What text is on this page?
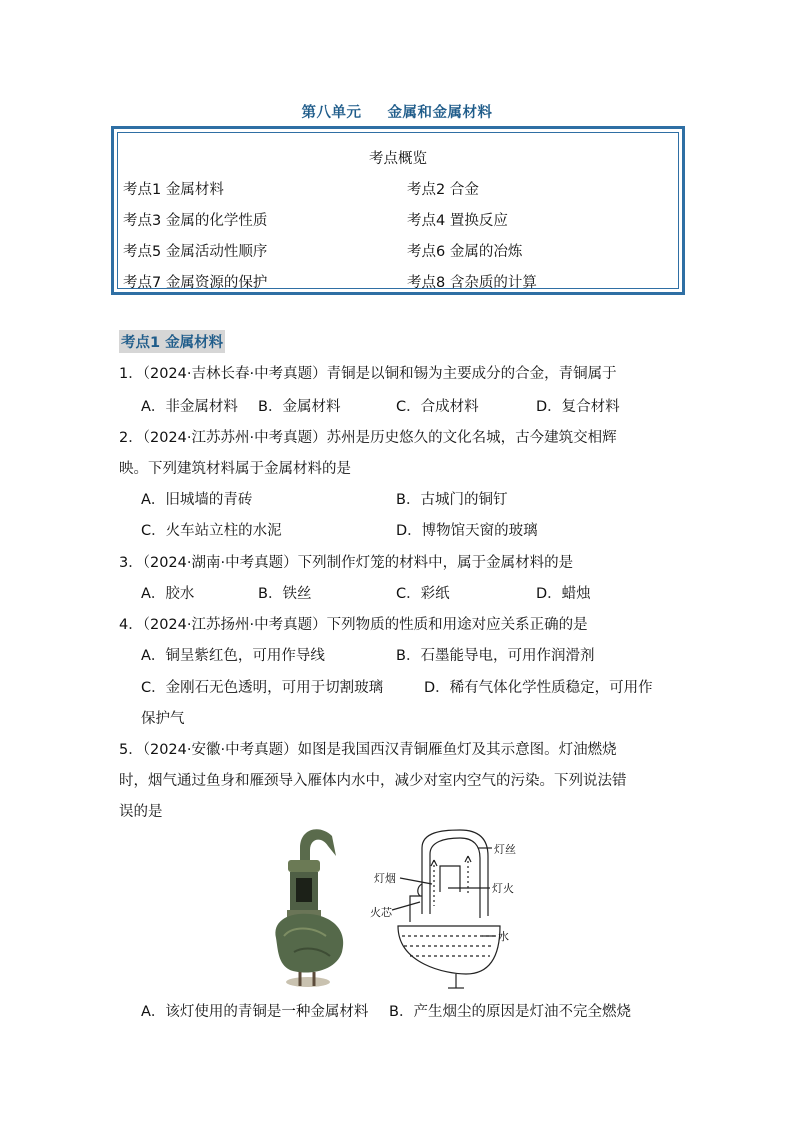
第八单元 金属和金属材料
考点概览
考点1 金属材料	考点2 合金
考点3 金属的化学性质	考点4 置换反应
考点5 金属活动性顺序	考点6 金属的冶炼
考点7 金属资源的保护	考点8 含杂质的计算
考点1 金属材料
1．（2024·吉林长春·中考真题）青铜是以铜和锡为主要成分的合金，青铜属于
A．非金属材料 B．金属材料	C．合成材料	D．复合材料
2．（2024·江苏苏州·中考真题）苏州是历史悠久的文化名城，古今建筑交相辉
映。下列建筑材料属于金属材料的是
A．旧城墙的青砖	B．古城门的铜钉
C．火车站立柱的水泥	D．博物馆天窗的玻璃
3．（2024·湖南·中考真题）下列制作灯笼的材料中，属于金属材料的是
A．胶水	B．铁丝	C．彩纸	D．蜡烛
4．（2024·江苏扬州·中考真题）下列物质的性质和用途对应关系正确的是
A．铜呈紫红色，可用作导线	B．石墨能导电，可用作润滑剂
C．金刚石无色透明，可用于切割玻璃	D．稀有气体化学性质稳定，可用作
保护气
5．（2024·安徽·中考真题）如图是我国西汉青铜雁鱼灯及其示意图。灯油燃烧
时，烟气通过鱼身和雁颈导入雁体内水中，减少对室内空气的污染。下列说法错
误的是
灯丝
灯烟
灯火
火芯
水
A．该灯使用的青铜是一种金属材料 B．产生烟尘的原因是灯油不完全燃烧
